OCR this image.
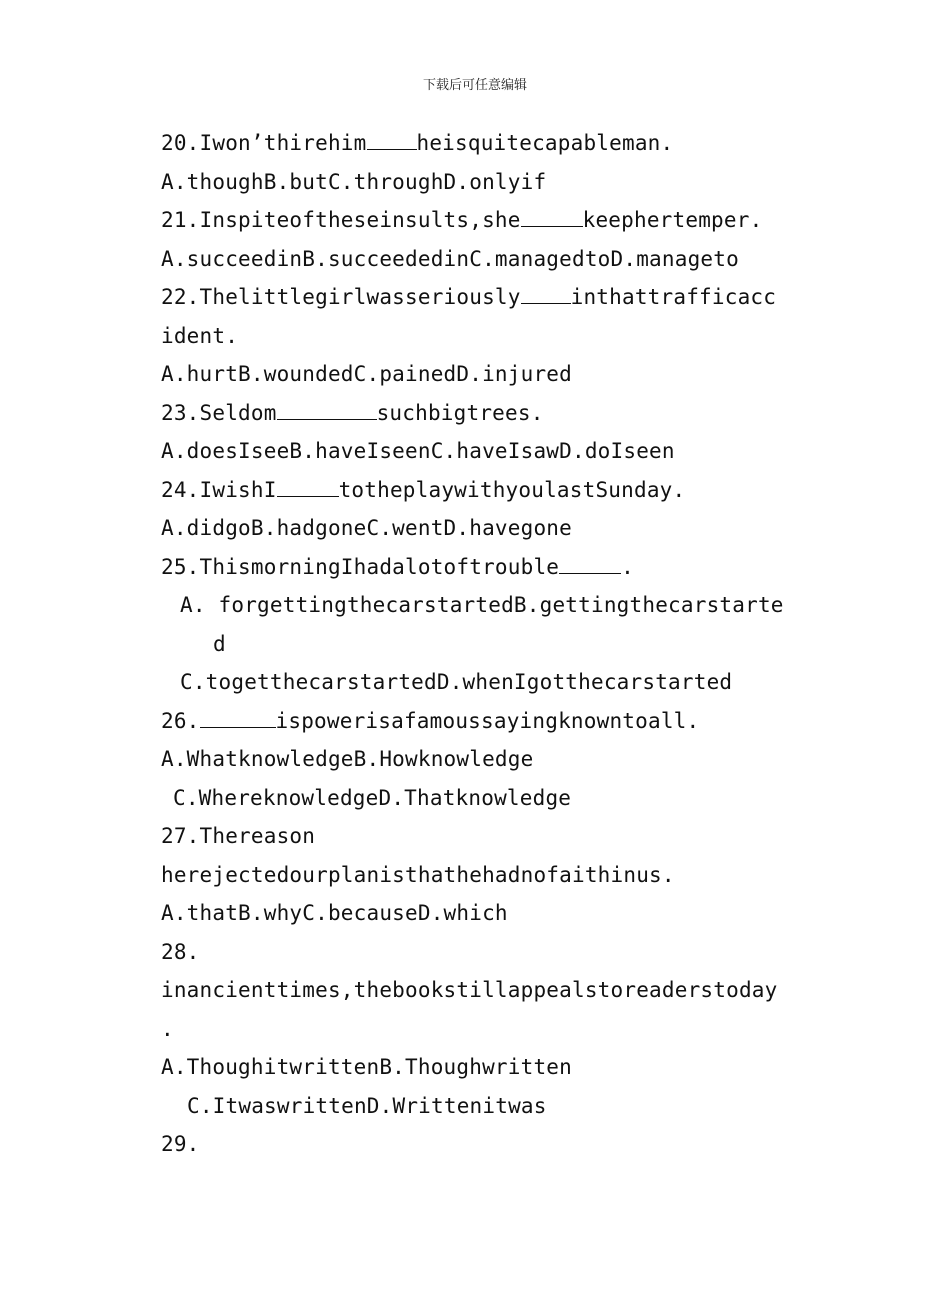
下载后可任意编辑
20.Iwon’thirehim heisquitecapableman.
A.thoughB.butC.throughD.onlyif
21.Inspiteoftheseinsults,she	keephertemper.
A.succeedinB.succeededinC.managedtoD.manageto
22.Thelittlegirlwasseriously inthattrafficacc
ident.
A.hurtB.woundedC.painedD.injured
23.Seldom	suchbigtrees.
A.doesIseeB.haveIseenC.haveIsawD.doIseen
24.IwishI	totheplaywithyoulastSunday.
A.didgoB.hadgoneC.wentD.havegone
25.ThismorningIhadalotoftrouble	.
A. forgettingthecarstartedB.gettingthecarstarte
d
C.togetthecarstartedD.whenIgotthecarstarted
26.	ispowerisafamoussayingknowntoall.
A.WhatknowledgeB.Howknowledge
C.WhereknowledgeD.Thatknowledge
27.Thereason
herejectedourplanisthathehadnofaithinus.
A.thatB.whyC.becauseD.which
28.
inancienttimes,thebookstillappealstoreaderstoday
.
A.ThoughitwrittenB.Thoughwritten
C.ItwaswrittenD.Writtenitwas
29.
